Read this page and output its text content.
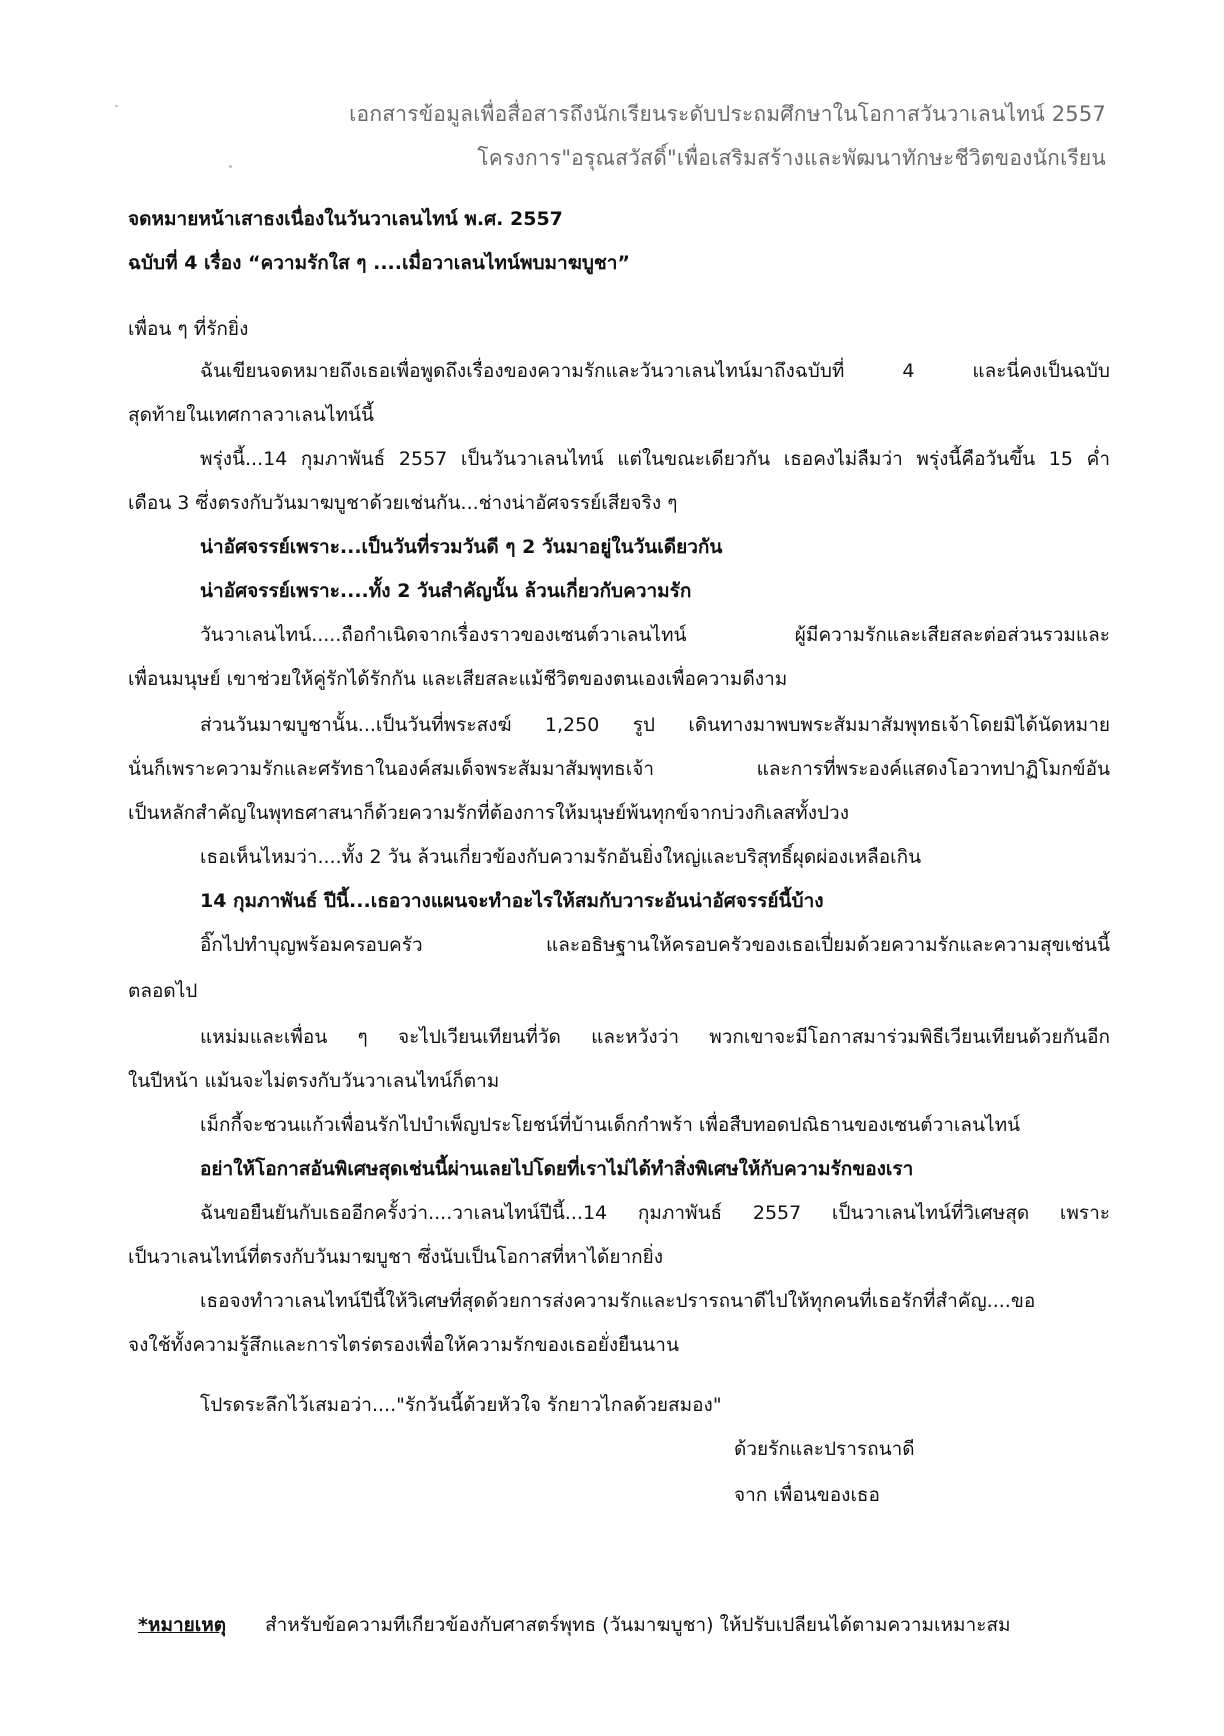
เอกสารข้อมูลเพื่อสื่อสารถึงนักเรียนระดับประถมศึกษาในโอกาสวันวาเลนไทน์ 2557
โครงการ"อรุณสวัสดิ์"เพื่อเสริมสร้างและพัฒนาทักษะชีวิตของนักเรียน
จดหมายหน้าเสาธงเนื่องในวันวาเลนไทน์ พ.ศ. 2557
ฉบับที่ 4 เรื่อง “ความรักใส ๆ ....เมื่อวาเลนไทน์พบมาฆบูชา”
เพื่อน ๆ ที่รักยิ่ง
ฉันเขียนจดหมายถึงเธอเพื่อพูดถึงเรื่องของความรักและวันวาเลนไทน์มาถึงฉบับที่ 4 และนี่คงเป็นฉบับ
สุดท้ายในเทศกาลวาเลนไทน์นี้
พรุ่งนี้...14 กุมภาพันธ์ 2557 เป็นวันวาเลนไทน์ แต่ในขณะเดียวกัน เธอคงไม่ลืมว่า พรุ่งนี้คือวันขึ้น 15 ค่ำ
เดือน 3 ซึ่งตรงกับวันมาฆบูชาด้วยเช่นกัน...ช่างน่าอัศจรรย์เสียจริง ๆ
น่าอัศจรรย์เพราะ...เป็นวันที่รวมวันดี ๆ 2 วันมาอยู่ในวันเดียวกัน
น่าอัศจรรย์เพราะ....ทั้ง 2 วันสำคัญนั้น ล้วนเกี่ยวกับความรัก
วันวาเลนไทน์.....ถือกำเนิดจากเรื่องราวของเซนต์วาเลนไทน์ ผู้มีความรักและเสียสละต่อส่วนรวมและ
เพื่อนมนุษย์ เขาช่วยให้คู่รักได้รักกัน และเสียสละแม้ชีวิตของตนเองเพื่อความดีงาม
ส่วนวันมาฆบูชานั้น...เป็นวันที่พระสงฆ์ 1,250 รูป เดินทางมาพบพระสัมมาสัมพุทธเจ้าโดยมิได้นัดหมาย
นั่นก็เพราะความรักและศรัทธาในองค์สมเด็จพระสัมมาสัมพุทธเจ้า และการที่พระองค์แสดงโอวาทปาฏิโมกข์อัน
เป็นหลักสำคัญในพุทธศาสนาก็ด้วยความรักที่ต้องการให้มนุษย์พ้นทุกข์จากบ่วงกิเลสทั้งปวง
เธอเห็นไหมว่า....ทั้ง 2 วัน ล้วนเกี่ยวข้องกับความรักอันยิ่งใหญ่และบริสุทธิ์ผุดผ่องเหลือเกิน
14 กุมภาพันธ์ ปีนี้...เธอวางแผนจะทำอะไรให้สมกับวาระอันน่าอัศจรรย์นี้บ้าง
อิ๊กไปทำบุญพร้อมครอบครัว และอธิษฐานให้ครอบครัวของเธอเปี่ยมด้วยความรักและความสุขเช่นนี้
ตลอดไป
แหม่มและเพื่อน ๆ จะไปเวียนเทียนที่วัด และหวังว่า พวกเขาจะมีโอกาสมาร่วมพิธีเวียนเทียนด้วยกันอีก
ในปีหน้า แม้นจะไม่ตรงกับวันวาเลนไทน์ก็ตาม
เม็กกี้จะชวนแก้วเพื่อนรักไปบำเพ็ญประโยชน์ที่บ้านเด็กกำพร้า เพื่อสืบทอดปณิธานของเซนต์วาเลนไทน์
อย่าให้โอกาสอันพิเศษสุดเช่นนี้ผ่านเลยไปโดยที่เราไม่ได้ทำสิ่งพิเศษให้กับความรักของเรา
ฉันขอยืนยันกับเธออีกครั้งว่า....วาเลนไทน์ปีนี้...14 กุมภาพันธ์ 2557 เป็นวาเลนไทน์ที่วิเศษสุด เพราะ
เป็นวาเลนไทน์ที่ตรงกับวันมาฆบูชา ซึ่งนับเป็นโอกาสที่หาได้ยากยิ่ง
เธอจงทำวาเลนไทน์ปีนี้ให้วิเศษที่สุดด้วยการส่งความรักและปรารถนาดีไปให้ทุกคนที่เธอรักที่สำคัญ....ขอ
จงใช้ทั้งความรู้สึกและการไตร่ตรองเพื่อให้ความรักของเธอยั่งยืนนาน
โปรดระลึกไว้เสมอว่า...."รักวันนี้ด้วยหัวใจ รักยาวไกลด้วยสมอง"
ด้วยรักและปรารถนาดี
จาก เพื่อนของเธอ
*หมายเหตุ สำหรับข้อความที่เกี่ยวข้องกับศาสตร์พุทธ (วันมาฆบูชา) ให้ปรับเปลี่ยนได้ตามความเหมาะสม
